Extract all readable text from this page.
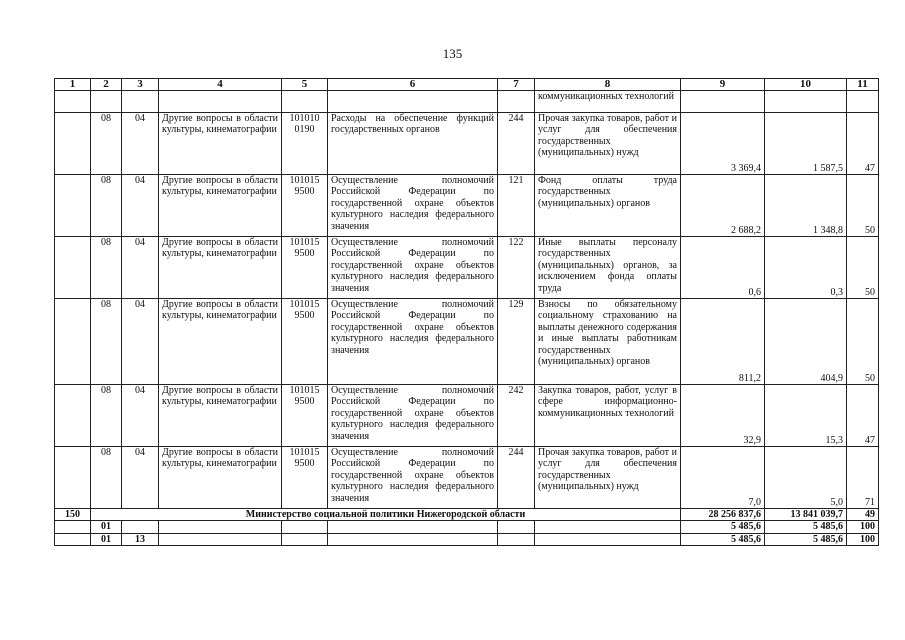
135
1	2	3	4	5	6	7	8	9	10	11
							коммуникационных технологий			
	08	04	Другие вопросы в области культуры, кинематографии	101010 0190	Расходы на обеспечение функций государственных органов	244	Прочая закупка товаров, работ и услуг для обеспечения государственных (муниципальных) нужд	3 369,4	1 587,5	47
	08	04	Другие вопросы в области культуры, кинематографии	101015 9500	Осуществление полномочий Российской Федерации по государственной охране объектов культурного наследия федерального значения	121	Фонд оплаты труда государственных (муниципальных) органов	2 688,2	1 348,8	50
	08	04	Другие вопросы в области культуры, кинематографии	101015 9500	Осуществление полномочий Российской Федерации по государственной охране объектов культурного наследия федерального значения	122	Иные выплаты персоналу государственных (муниципальных) органов, за исключением фонда оплаты труда	0,6	0,3	50
	08	04	Другие вопросы в области культуры, кинематографии	101015 9500	Осуществление полномочий Российской Федерации по государственной охране объектов культурного наследия федерального значения	129	Взносы по обязательному социальному страхованию на выплаты денежного содержания и иные выплаты работникам государственных (муниципальных) органов	811,2	404,9	50
	08	04	Другие вопросы в области культуры, кинематографии	101015 9500	Осуществление полномочий Российской Федерации по государственной охране объектов культурного наследия федерального значения	242	Закупка товаров, работ, услуг в сфере информационно-коммуникационных технологий	32,9	15,3	47
	08	04	Другие вопросы в области культуры, кинематографии	101015 9500	Осуществление полномочий Российской Федерации по государственной охране объектов культурного наследия федерального значения	244	Прочая закупка товаров, работ и услуг для обеспечения государственных (муниципальных) нужд	7,0	5,0	71
150	Министерство социальной политики Нижегородской области							28 256 837,6	13 841 039,7	49
	01							5 485,6	5 485,6	100
	01	13						5 485,6	5 485,6	100
